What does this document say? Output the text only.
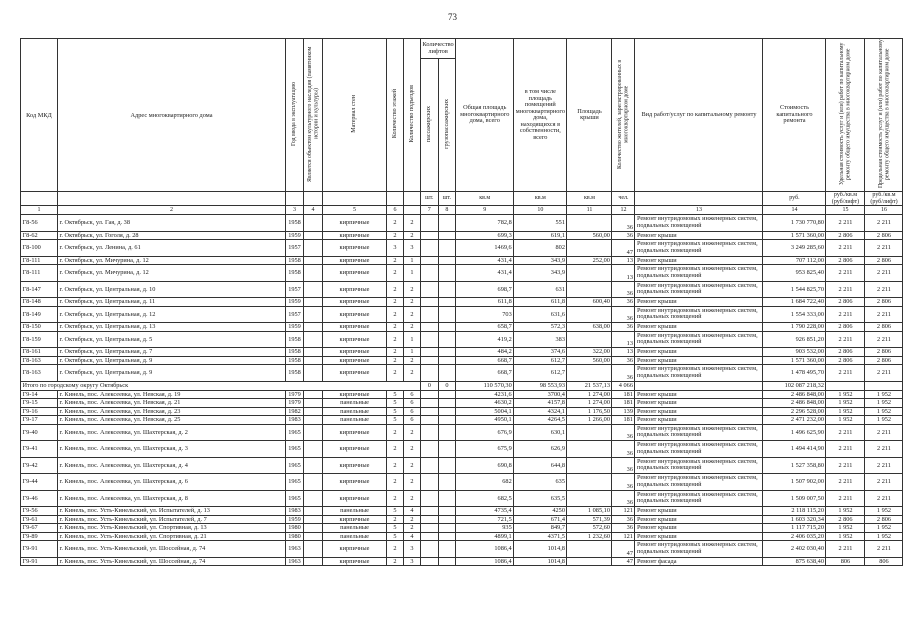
73
Код МКД	Адрес многоквартирного дома	Год ввода в эксплуатацию	Является объектом культурного наследия (памятником истории и культуры)	Материал стен	Количество этажей	Количество подъездов	Количество лифтов		Общая площадь многоквартирного дома, всего	в том числе площадь помещений многоквартирного дома, находящихся в собственности, всего	Площадь крыши	Количество жителей, зарегистрированных в многоквартирном доме	Вид работ/услуг по капитальному ремонту	Стоимость капитального ремонта	Удельная стоимость услуг и (или) работ по капитальному ремонту общего имущества в многоквартирном доме	Предельная стоимость услуг и (или) работ по капитальному ремонту общего имущества в многоквартирном доме
							пассажирских	грузопассажирских								
							шт.	шт.	кв.м	кв.м	кв.м	чел.		руб.	руб./кв.м (руб/лифт)	руб./кв.м (руб/лифт)
1	2	3	4	5	6		7	8	9	10	11	12	13	14	15	16
Г8-56	г. Октябрьск, ул. Гая, д. 38	1958		кирпичные	2	2			782,8	551		36	Ремонт внутридомовых инженерных систем, подвальных помещений	1 730 770,80	2 211	2 211
Г8-62	г. Октябрьск, ул. Гоголя, д. 28	1959		кирпичные	2	2			699,3	619,1	560,00	36	Ремонт крыши	1 571 360,00	2 806	2 806
Г8-100	г. Октябрьск, ул. Ленина, д. 61	1957		кирпичные	3	3			1469,6	802		47	Ремонт внутридомовых инженерных систем, подвальных помещений	3 249 285,60	2 211	2 211
Г8-111	г. Октябрьск, ул. Мичурина, д. 12	1958		кирпичные	2	1			431,4	343,9	252,00	13	Ремонт крыши	707 112,00	2 806	2 806
Г8-111	г. Октябрьск, ул. Мичурина, д. 12	1958		кирпичные	2	1			431,4	343,9		13	Ремонт внутридомовых инженерных систем, подвальных помещений	953 825,40	2 211	2 211
Г8-147	г. Октябрьск, ул. Центральная, д. 10	1957		кирпичные	2	2			698,7	631		36	Ремонт внутридомовых инженерных систем, подвальных помещений	1 544 825,70	2 211	2 211
Г8-148	г. Октябрьск, ул. Центральная, д. 11	1959		кирпичные	2	2			611,8	611,8	600,40	36	Ремонт крыши	1 684 722,40	2 806	2 806
Г8-149	г. Октябрьск, ул. Центральная, д. 12	1957		кирпичные	2	2			703	631,6		36	Ремонт внутридомовых инженерных систем, подвальных помещений	1 554 333,00	2 211	2 211
Г8-150	г. Октябрьск, ул. Центральная, д. 13	1959		кирпичные	2	2			658,7	572,3	638,00	36	Ремонт крыши	1 790 228,00	2 806	2 806
Г8-159	г. Октябрьск, ул. Центральная, д. 5	1958		кирпичные	2	1			419,2	383		13	Ремонт внутридомовых инженерных систем, подвальных помещений	926 851,20	2 211	2 211
Г8-161	г. Октябрьск, ул. Центральная, д. 7	1958		кирпичные	2	1			484,2	374,6	322,00	13	Ремонт крыши	903 532,00	2 806	2 806
Г8-163	г. Октябрьск, ул. Центральная, д. 9	1958		кирпичные	2	2			668,7	612,7	560,00	36	Ремонт крыши	1 571 360,00	2 806	2 806
Г8-163	г. Октябрьск, ул. Центральная, д. 9	1958		кирпичные	2	2			668,7	612,7		36	Ремонт внутридомовых инженерных систем, подвальных помещений	1 478 495,70	2 211	2 211
Итого по городскому округу Октябрьск							0	0	110 570,30	98 553,93	21 537,13	4 066		102 087 218,32		
Г9-14	г. Кинель, пос. Алексеевка, ул. Невская, д. 19	1979		кирпичные	5	6			4231,6	3700,4	1 274,00	181	Ремонт крыши	2 486 848,00	1 952	1 952
Г9-15	г. Кинель, пос. Алексеевка, ул. Невская, д. 21	1979		панельные	5	6			4630,2	4157,8	1 274,00	181	Ремонт крыши	2 486 848,00	1 952	1 952
Г9-16	г. Кинель, пос. Алексеевка, ул. Невская, д. 23	1982		панельные	5	6			5004,1	4324,1	1 176,50	139	Ремонт крыши	2 296 528,00	1 952	1 952
Г9-17	г. Кинель, пос. Алексеевка, ул. Невская, д. 25	1983		панельные	5	6			4950,1	4264,5	1 266,00	181	Ремонт крыши	2 471 232,00	1 952	1 952
Г9-40	г. Кинель, пос. Алексеевка, ул. Шахтерская, д. 2	1965		кирпичные	2	2			676,9	630,1		36	Ремонт внутридомовых инженерных систем, подвальных помещений	1 496 625,90	2 211	2 211
Г9-41	г. Кинель, пос. Алексеевка, ул. Шахтерская, д. 3	1965		кирпичные	2	2			675,9	626,9		36	Ремонт внутридомовых инженерных систем, подвальных помещений	1 494 414,90	2 211	2 211
Г9-42	г. Кинель, пос. Алексеевка, ул. Шахтерская, д. 4	1965		кирпичные	2	2			690,8	644,8		36	Ремонт внутридомовых инженерных систем, подвальных помещений	1 527 358,80	2 211	2 211
Г9-44	г. Кинель, пос. Алексеевка, ул. Шахтерская, д. 6	1965		кирпичные	2	2			682	635		36	Ремонт внутридомовых инженерных систем, подвальных помещений	1 507 902,00	2 211	2 211
Г9-46	г. Кинель, пос. Алексеевка, ул. Шахтерская, д. 8	1965		кирпичные	2	2			682,5	635,5		36	Ремонт внутридомовых инженерных систем, подвальных помещений	1 509 007,50	2 211	2 211
Г9-56	г. Кинель, пос. Усть-Кинельский, ул. Испытателей, д. 13	1983		панельные	5	4			4735,4	4250	1 085,10	121	Ремонт крыши	2 118 115,20	1 952	1 952
Г9-61	г. Кинель, пос. Усть-Кинельский, ул. Испытателей, д. 7	1959		кирпичные	2	2			721,5	671,4	571,39	36	Ремонт крыши	1 603 320,34	2 806	2 806
Г9-67	г. Кинель, пос. Усть-Кинельский, ул. Спортивная, д. 13	1980		панельные	5	2			935	849,7	572,60	36	Ремонт крыши	1 117 715,20	1 952	1 952
Г9-89	г. Кинель, пос. Усть-Кинельский, ул. Спортивная, д. 21	1980		панельные	5	4			4899,1	4371,5	1 232,60	121	Ремонт крыши	2 406 035,20	1 952	1 952
Г9-91	г. Кинель, пос. Усть-Кинельский, ул. Шоссейная, д. 74	1963		кирпичные	2	3			1086,4	1014,8		47	Ремонт внутридомовых инженерных систем, подвальных помещений	2 402 030,40	2 211	2 211
Г9-91	г. Кинель, пос. Усть-Кинельский, ул. Шоссейная, д. 74	1963		кирпичные	2	3			1086,4	1014,8		47	Ремонт фасада	875 638,40	806	806
